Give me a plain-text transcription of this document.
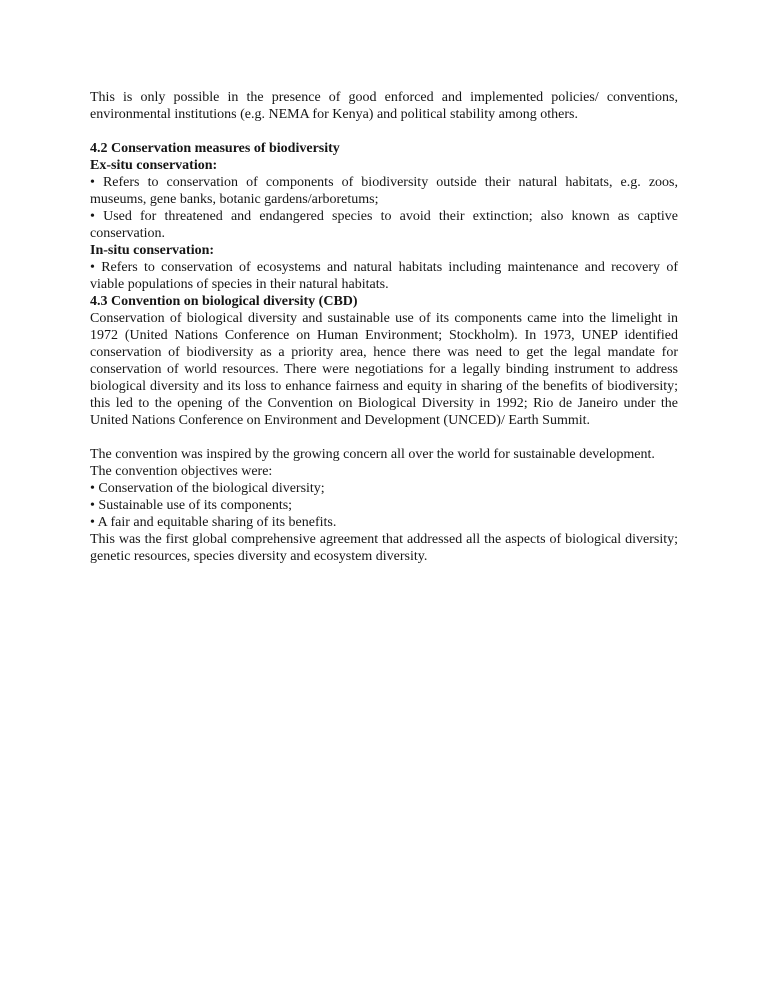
This is only possible in the presence of good enforced and implemented policies/ conventions, environmental institutions (e.g. NEMA for Kenya) and political stability among others.

4.2 Conservation measures of biodiversity

Ex-situ conservation:

• Refers to conservation of components of biodiversity outside their natural habitats, e.g. zoos, museums, gene banks, botanic gardens/arboretums;

• Used for threatened and endangered species to avoid their extinction; also known as captive conservation.

In-situ conservation:

• Refers to conservation of ecosystems and natural habitats including maintenance and recovery of viable populations of species in their natural habitats.

4.3 Convention on biological diversity (CBD)

Conservation of biological diversity and sustainable use of its components came into the limelight in 1972 (United Nations Conference on Human Environment; Stockholm). In 1973, UNEP identified conservation of biodiversity as a priority area, hence there was need to get the legal mandate for conservation of world resources. There were negotiations for a legally binding instrument to address biological diversity and its loss to enhance fairness and equity in sharing of the benefits of biodiversity; this led to the opening of the Convention on Biological Diversity in 1992; Rio de Janeiro under the United Nations Conference on Environment and Development (UNCED)/ Earth Summit.

The convention was inspired by the growing concern all over the world for sustainable development.

The convention objectives were:

• Conservation of the biological diversity;

• Sustainable use of its components;

• A fair and equitable sharing of its benefits.

This was the first global comprehensive agreement that addressed all the aspects of biological diversity; genetic resources, species diversity and ecosystem diversity.
